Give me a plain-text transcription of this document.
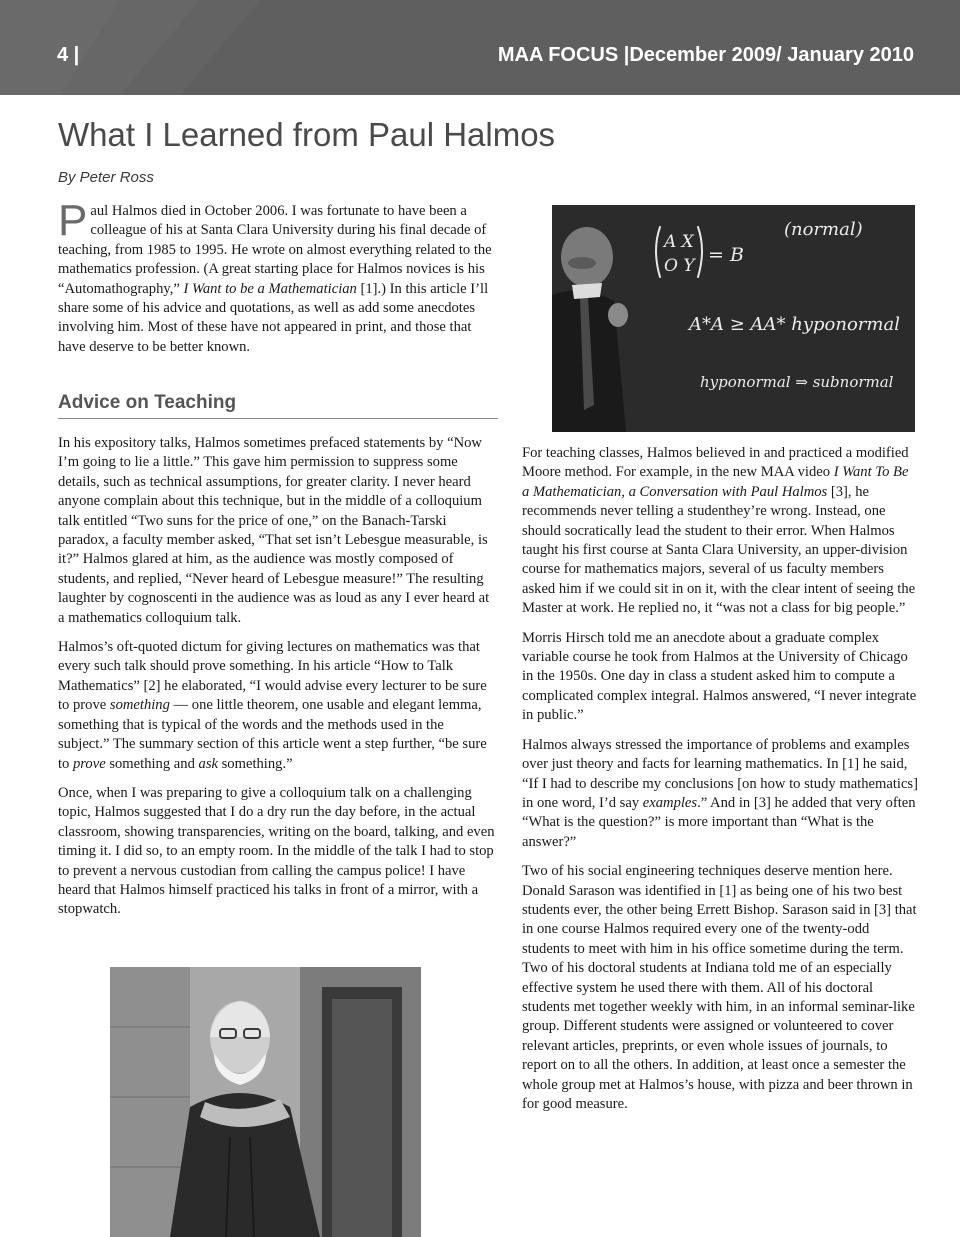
4 |	MAA FOCUS |December 2009/ January 2010
What I Learned from Paul Halmos
By Peter Ross

Paul Halmos died in October 2006. I was fortunate to have been a colleague of his at Santa Clara University during his final decade of teaching, from 1985 to 1995. He wrote on almost everything related to the mathematics profession. (A great starting place for Halmos novices is his “Automathography,” I Want to be a Mathematician [1].) In this article I’ll share some of his advice and quotations, as well as add some anecdotes involving him. Most of these have not appeared in print, and those that have deserve to be better known.

Advice on Teaching

In his expository talks, Halmos sometimes prefaced statements by “Now I’m going to lie a little.” This gave him permission to suppress some details, such as technical assumptions, for greater clarity. I never heard anyone complain about this technique, but in the middle of a colloquium talk entitled “Two suns for the price of one,” on the Banach-Tarski paradox, a faculty member asked, “That set isn’t Lebesgue measurable, is it?” Halmos glared at him, as the audience was mostly composed of students, and replied, “Never heard of Lebesgue measure!” The resulting laughter by cognoscenti in the audience was as loud as any I ever heard at a mathematics colloquium talk.

Halmos’s oft-quoted dictum for giving lectures on mathematics was that every such talk should prove something. In his article “How to Talk Mathematics” [2] he elaborated, “I would advise every lecturer to be sure to prove something — one little theorem, one usable and elegant lemma, something that is typical of the words and the methods used in the subject.” The summary section of this article went a step further, “be sure to prove something and ask something.”

Once, when I was preparing to give a colloquium talk on a challenging topic, Halmos suggested that I do a dry run the day before, in the actual classroom, showing transparencies, writing on the board, talking, and even timing it. I did so, to an empty room. In the middle of the talk I had to stop to prevent a nervous custodian from calling the campus police! I have heard that Halmos himself practiced his talks in front of a mirror, with a stopwatch.

A X
O Y = B
(normal)
A*A ≥ AA* hyponormal
hyponormal ⇒ subnormal

For teaching classes, Halmos believed in and practiced a modified Moore method. For example, in the new MAA video I Want To Be a Mathematician, a Conversation with Paul Halmos [3], he recommends never telling a studenthey’re wrong. Instead, one should socratically lead the student to their error. When Halmos taught his first course at Santa Clara University, an upper-division course for mathematics majors, several of us faculty members asked him if we could sit in on it, with the clear intent of seeing the Master at work. He replied no, it “was not a class for big people.”

Morris Hirsch told me an anecdote about a graduate complex variable course he took from Halmos at the University of Chicago in the 1950s. One day in class a student asked him to compute a complicated complex integral. Halmos answered, “I never integrate in public.”

Halmos always stressed the importance of problems and examples over just theory and facts for learning mathematics. In [1] he said, “If I had to describe my conclusions [on how to study mathematics] in one word, I’d say examples.” And in [3] he added that very often “What is the question?” is more important than “What is the answer?”

Two of his social engineering techniques deserve mention here. Donald Sarason was identified in [1] as being one of his two best students ever, the other being Errett Bishop. Sarason said in [3] that in one course Halmos required every one of the twenty-odd students to meet with him in his office sometime during the term. Two of his doctoral students at Indiana told me of an especially effective system he used there with them. All of his doctoral students met together weekly with him, in an informal seminar-like group. Different students were assigned or volunteered to cover relevant articles, preprints, or even whole issues of journals, to report on to all the others. In addition, at least once a semester the whole group met at Halmos’s house, with pizza and beer thrown in for good measure.
